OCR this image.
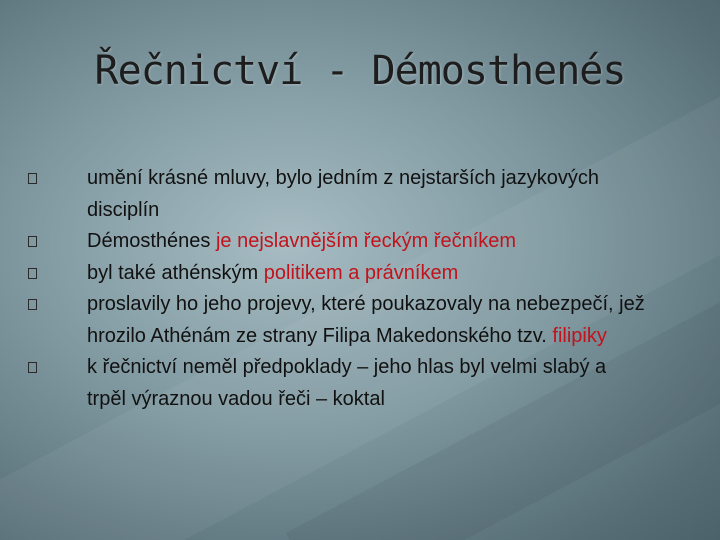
Řečnictví - Démosthenés
umění krásné mluvy, bylo jedním z nejstarších jazykových disciplín
Démosthénes je nejslavnějším řeckým řečníkem
byl také athénským politikem a právníkem
proslavily ho jeho projevy, které poukazovaly na nebezpečí, jež hrozilo Athénám ze strany Filipa Makedonského tzv. filipiky
k řečnictví neměl předpoklady – jeho hlas byl velmi slabý a trpěl výraznou vadou řeči – koktal
